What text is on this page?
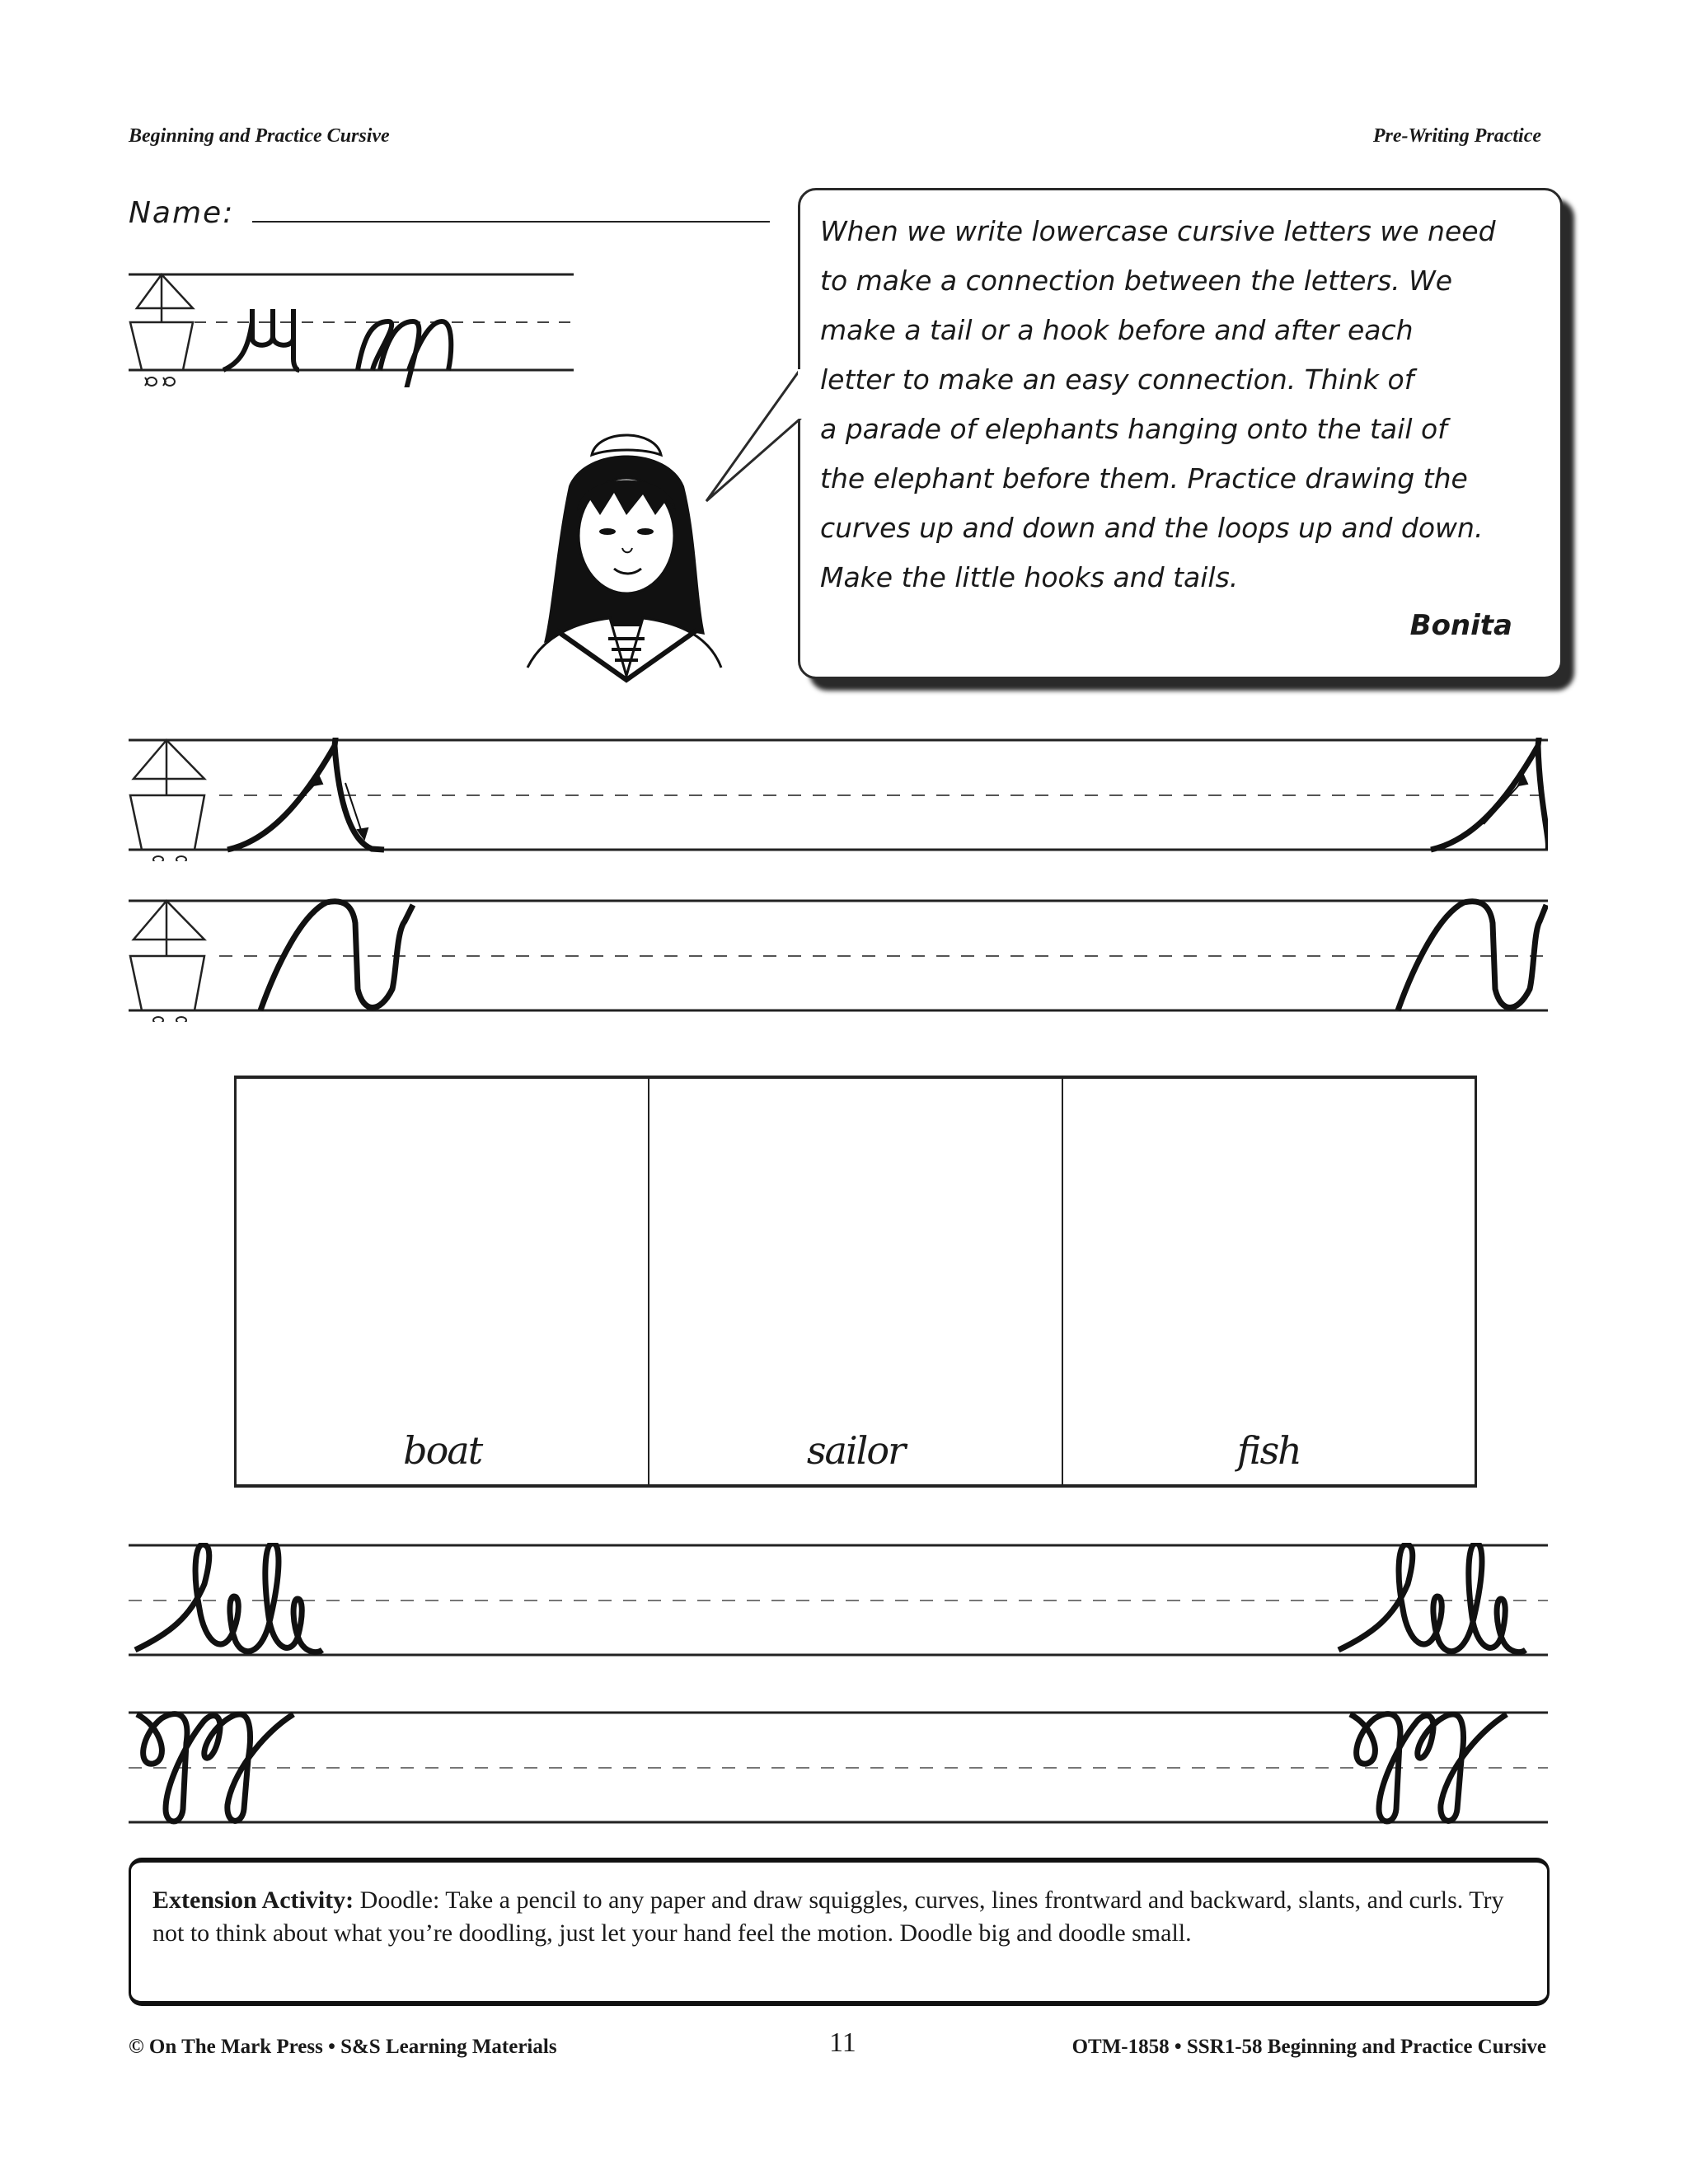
Beginning and Practice Cursive	Pre-Writing Practice
Name:
When we write lowercase cursive letters we need
to make a connection between the letters. We
make a tail or a hook before and after each
letter to make an easy connection. Think of
a parade of elephants hanging onto the tail of
the elephant before them. Practice drawing the
curves up and down and the loops up and down.
Make the little hooks and tails.
Bonita
boat	sailor	fish
Extension Activity: Doodle: Take a pencil to any paper and draw squiggles, curves, lines frontward and backward, slants, and curls. Try not to think about what you’re doodling, just let your hand feel the motion. Doodle big and doodle small.
© On The Mark Press • S&S Learning Materials	11	OTM-1858 • SSR1-58 Beginning and Practice Cursive
